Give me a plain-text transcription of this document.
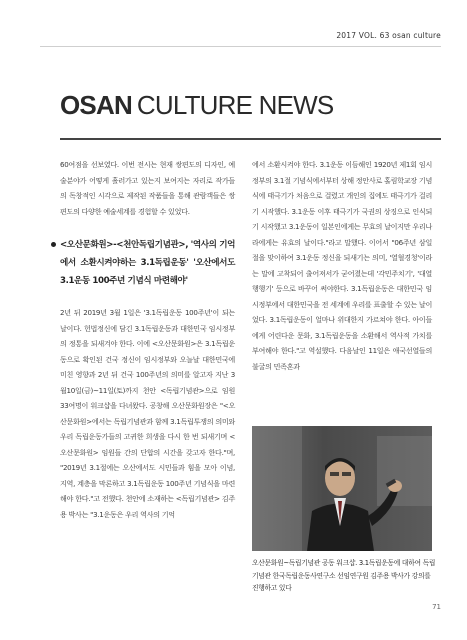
2017 VOL. 63 osan culture
OSAN CULTURE NEWS

60여점을 선보였다. 이번 전시는 현재 쌍편도의 디자인, 예술분야가 어떻게 흘러가고 있는지 보여지는 자리로 작가들의 독창적인 시각으로 제작된 작품들을 통해 관람객들은 쌍편도의 다양한 예술세계를 경험할 수 있었다.

<오산문화원>-<천안독립기념관>, '역사의 기억에서 소환시켜야하는 3.1독립운동' '오산에서도 3.1운동 100주년 기념식 마련해야'

2년 뒤 2019년 3월 1일은 '3.1독립운동 100주년'이 되는 날이다. 헌법정신에 담긴 3.1독립운동과 대한민국 임시정부의 정통을 되새겨야 한다. 이에 <오산문화원>은 3.1독립운동으로 확인된 건국 정신이 임시정부와 오늘날 대한민국에 미친 영향과 2년 뒤 건국 100주년의 의미를 알고자 지난 3월10일(금)~11일(토)까지 천안 <독립기념관>으로 임원 33여명이 워크샵을 다녀왔다. 공창해 오산문화원장은 "<오산문화원>에서는 독립기념관과 함께 3.1독립투쟁의 의미와 우리 독립운동가들의 고귀한 희생을 다시 한 번 되새기며 <오산문화원> 임원들 간의 단합의 시간을 갖고자 한다."며, "2019년 3.1절에는 오산에서도 시민들과 힘을 모아 이념, 지역, 계층을 막론하고 3.1독립운동 100주년 기념식을 마련해야 한다."고 전했다. 천안에 소재하는 <독립기념관> 김주용 박사는 "3.1운동은 우리 역사의 기억

에서 소환시켜야 한다. 3.1운동 이듬해인 1920년 제1회 임시정부의 3.1절 기념식에서부터 상해 정안사로 홀림학교장 기념식에 태극기가 처음으로 걸렸고 개인의 집에도 태극기가 걸리기 시작했다. 3.1운동 이후 태극기가 국권의 상징으로 인식되기 시작했고 3.1운동이 일본인에게는 무효의 날이지만 우리나라에게는 유효의 날이다."라고 말했다. 이어서 "06주년 삼일절을 맞이하여 3.1운동 정신을 되새기는 의미, '열혈경청'이라는 말에 고착되어 출어져서가 굳어졌는데 '각민주치기', '대열행행기' 등으로 바꾸어 써야한다. 3.1독립운동은 대한민국 임시정부에서 대한민국을 전 세계에 우리를 표출할 수 있는 날이었다. 3.1독립운동이 얼마나 위대한지 가르쳐야 한다. 아이들에게 어린다운 문화, 3.1독립운동을 소환해서 역사적 가치를 부여해야 한다."고 역설했다. 다음날인 11일은 애국선열들의 불굴의 민족혼과

오산문화원~독립기념관 공동 워크샵. 3.1독립운동에 대하여 독립기념관 한국독립운동사연구소 선임연구원 김주용 박사가 강의를 진행하고 있다
71
